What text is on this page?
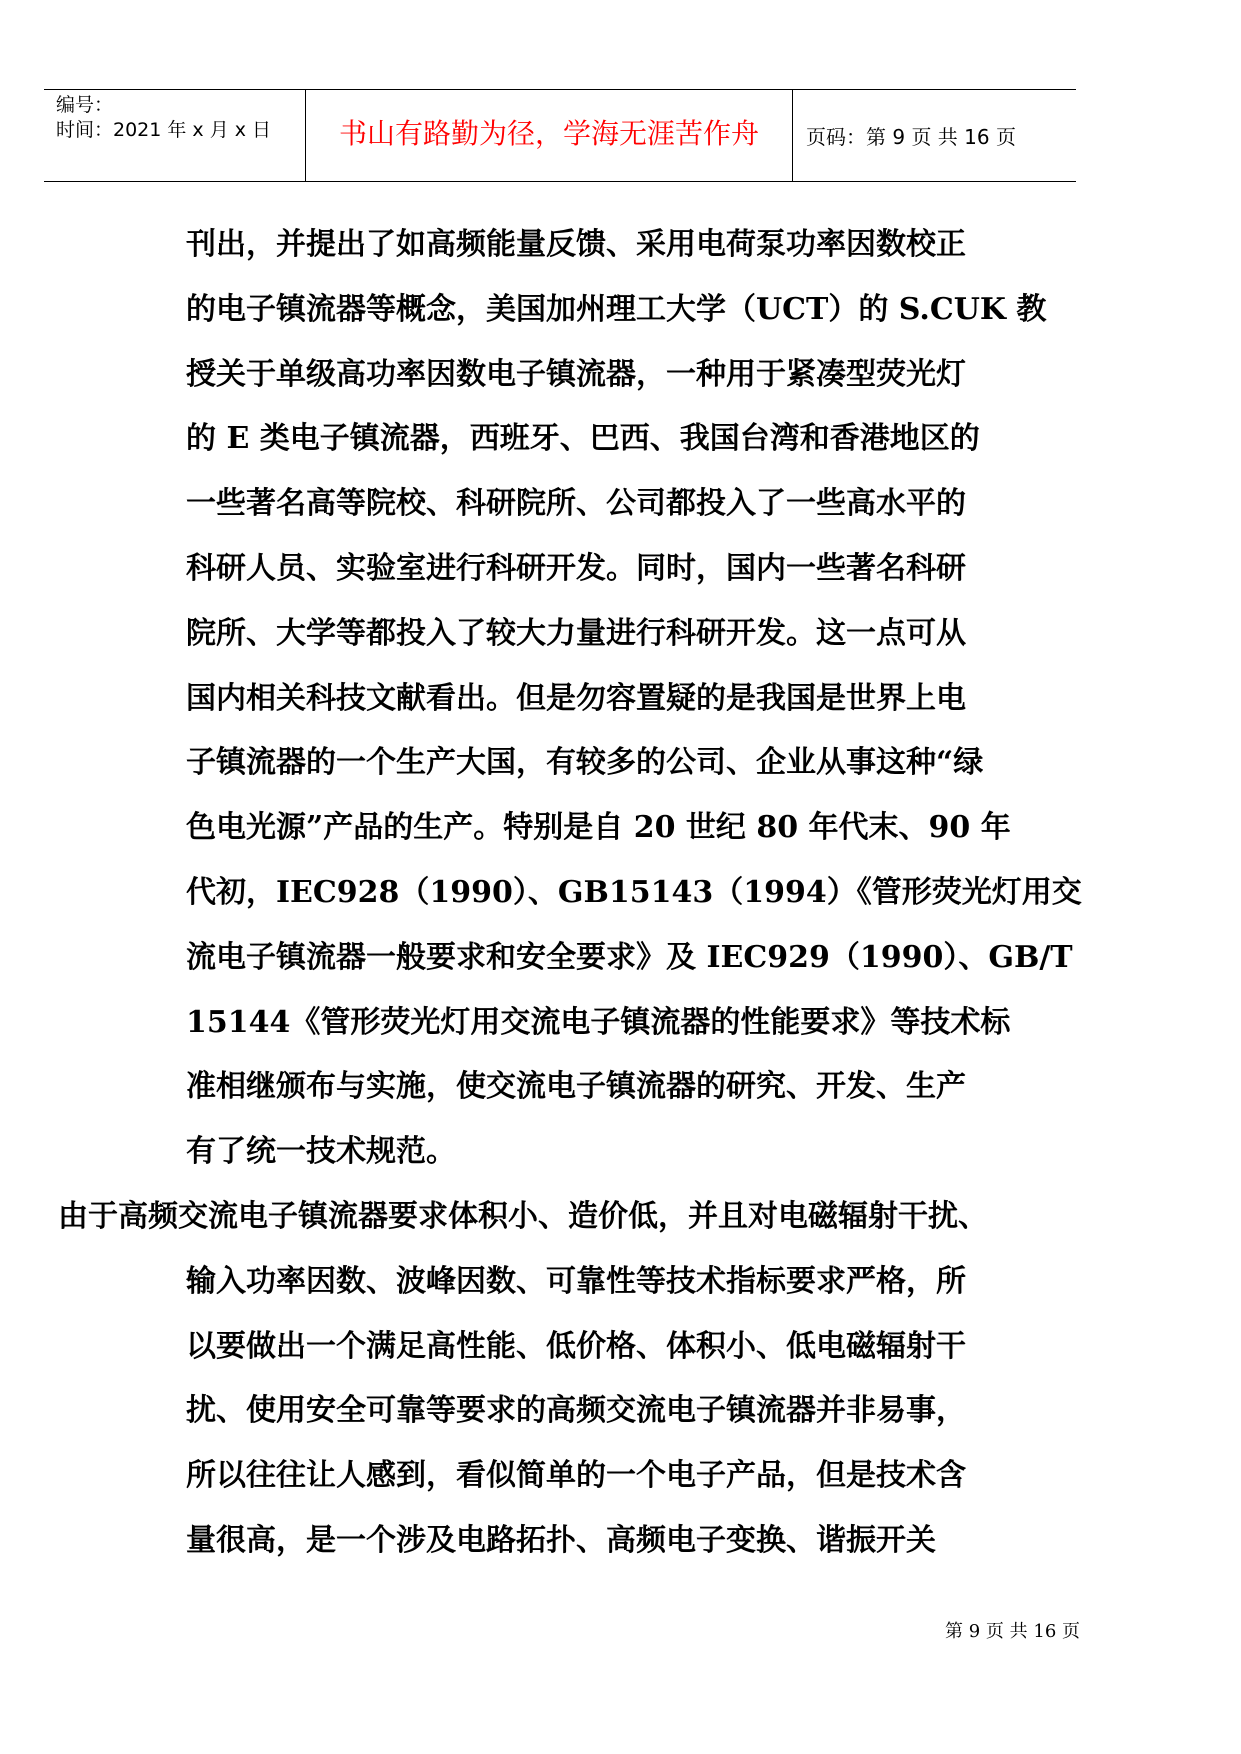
编号：
时间：2021 年 x 月 x 日	书山有路勤为径，学海无涯苦作舟	页码：第 9 页 共 16 页
刊出，并提出了如高频能量反馈、采用电荷泵功率因数校正
的电子镇流器等概念，美国加州理工大学（UCT）的 S.CUK 教
授关于单级高功率因数电子镇流器，一种用于紧凑型荧光灯
的 E 类电子镇流器，西班牙、巴西、我国台湾和香港地区的
一些著名高等院校、科研院所、公司都投入了一些高水平的
科研人员、实验室进行科研开发。同时，国内一些著名科研
院所、大学等都投入了较大力量进行科研开发。这一点可从
国内相关科技文献看出。但是勿容置疑的是我国是世界上电
子镇流器的一个生产大国，有较多的公司、企业从事这种“绿
色电光源”产品的生产。特别是自 20 世纪 80 年代末、90 年
代初，IEC928（1990）、GB15143（1994）《管形荧光灯用交
流电子镇流器一般要求和安全要求》及 IEC929（1990）、GB/T
15144《管形荧光灯用交流电子镇流器的性能要求》等技术标
准相继颁布与实施，使交流电子镇流器的研究、开发、生产
有了统一技术规范。
由于高频交流电子镇流器要求体积小、造价低，并且对电磁辐射干扰、
输入功率因数、波峰因数、可靠性等技术指标要求严格，所
以要做出一个满足高性能、低价格、体积小、低电磁辐射干
扰、使用安全可靠等要求的高频交流电子镇流器并非易事，
所以往往让人感到，看似简单的一个电子产品，但是技术含
量很高，是一个涉及电路拓扑、高频电子变换、谐振开关
第 9 页 共 16 页
